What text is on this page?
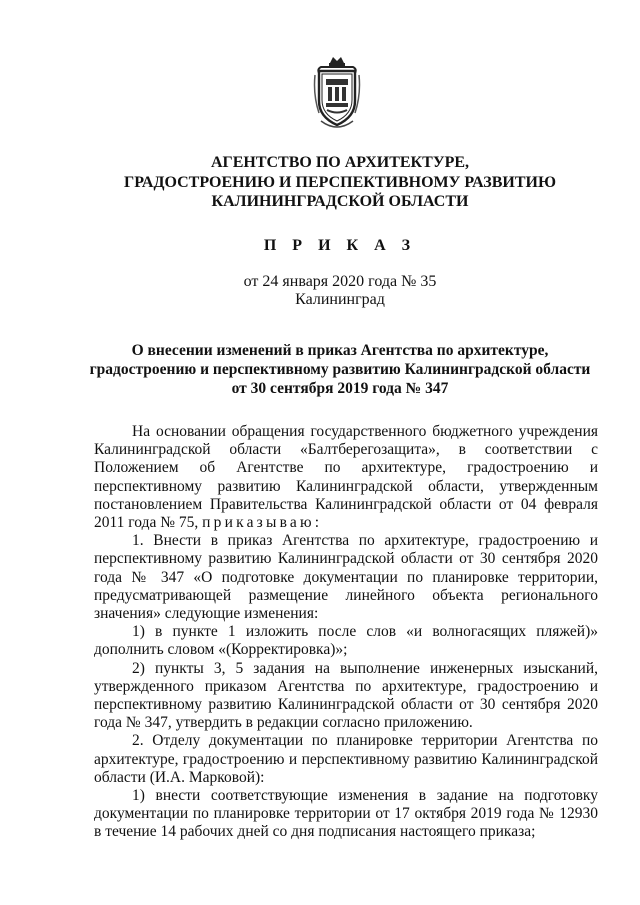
АГЕНТСТВО ПО АРХИТЕКТУРЕ,
ГРАДОСТРОЕНИЮ И ПЕРСПЕКТИВНОМУ РАЗВИТИЮ
КАЛИНИНГРАДСКОЙ ОБЛАСТИ
П Р И К А З
от 24 января 2020 года № 35
Калининград
О внесении изменений в приказ Агентства по архитектуре,
градостроению и перспективному развитию Калининградской области
от 30 сентября 2019 года № 347

На основании обращения государственного бюджетного учреждения Калининградской области «Балтберегозащита», в соответствии с Положением об Агентстве по архитектуре, градостроению и перспективному развитию Калининградской области, утвержденным постановлением Правительства Калининградской области от 04 февраля 2011 года № 75, приказываю:

1. Внести в приказ Агентства по архитектуре, градостроению и перспективному развитию Калининградской области от 30 сентября 2020 года № 347 «О подготовке документации по планировке территории, предусматривающей размещение линейного объекта регионального значения» следующие изменения:

1) в пункте 1 изложить после слов «и волногасящих пляжей)» дополнить словом «(Корректировка)»;

2) пункты 3, 5 задания на выполнение инженерных изысканий, утвержденного приказом Агентства по архитектуре, градостроению и перспективному развитию Калининградской области от 30 сентября 2020 года № 347, утвердить в редакции согласно приложению.

2. Отделу документации по планировке территории Агентства по архитектуре, градостроению и перспективному развитию Калининградской области (И.А. Марковой):

1) внести соответствующие изменения в задание на подготовку документации по планировке территории от 17 октября 2019 года № 12930 в течение 14 рабочих дней со дня подписания настоящего приказа;
